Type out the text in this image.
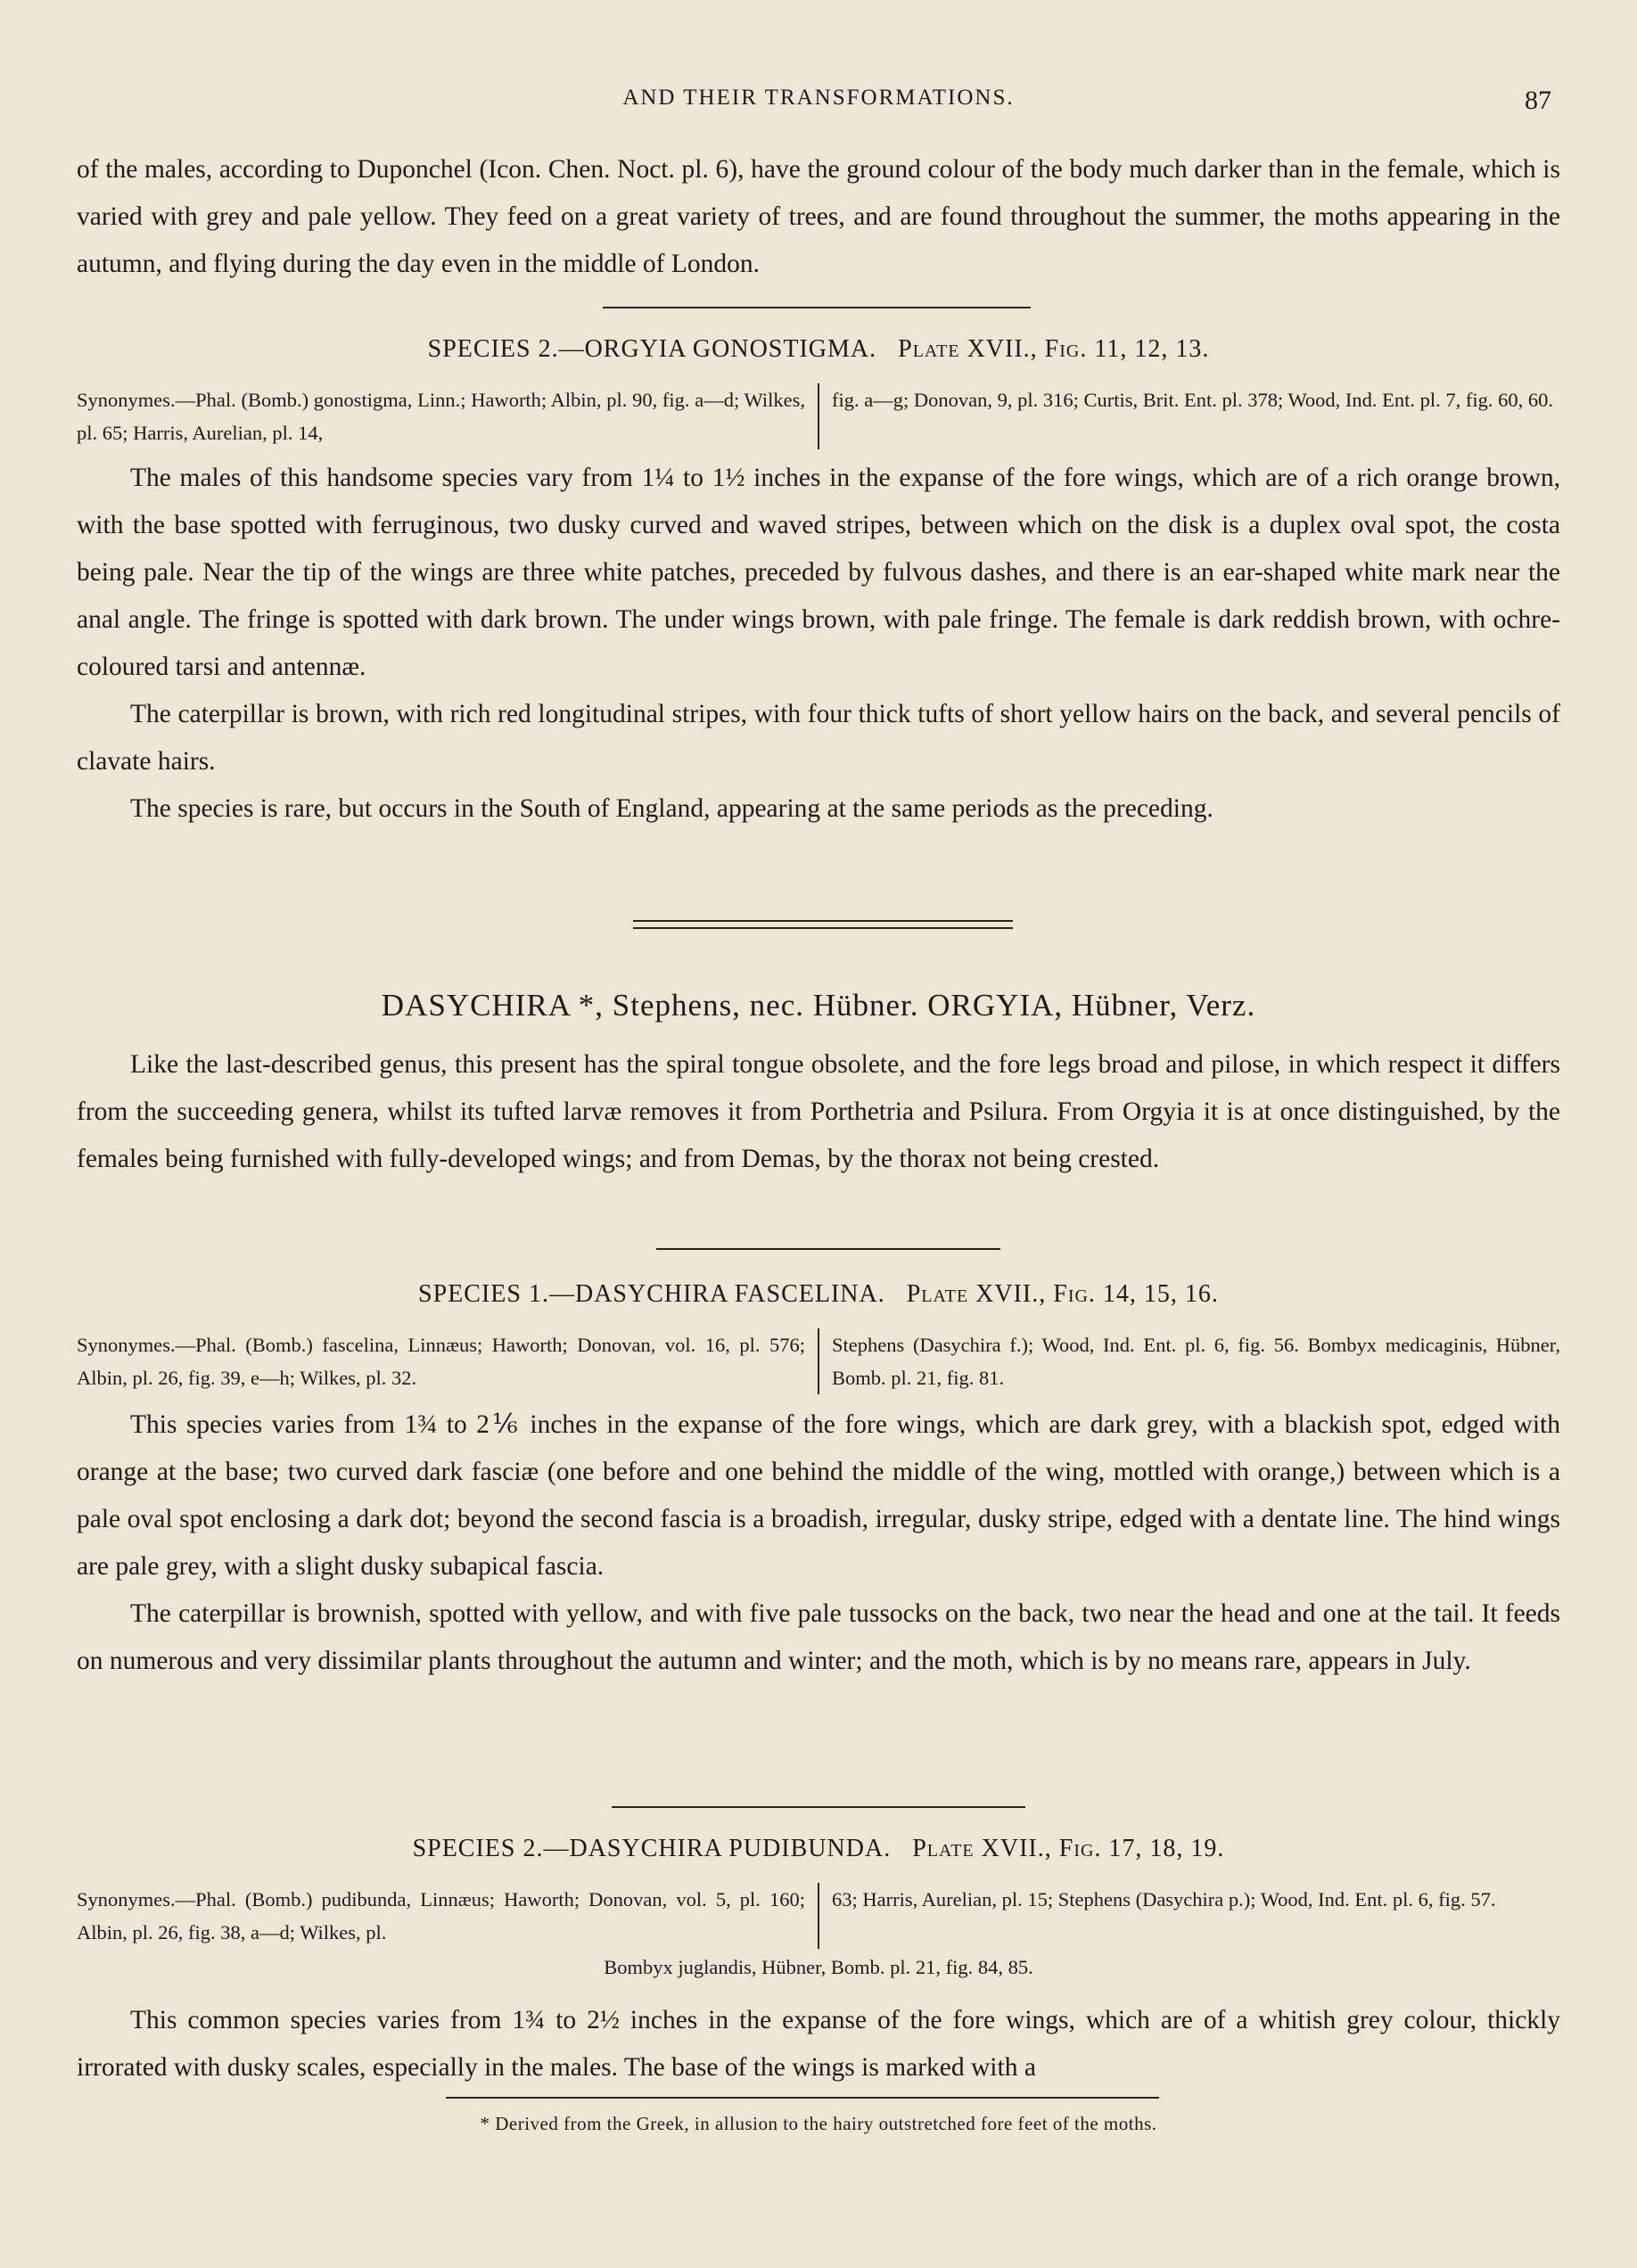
AND THEIR TRANSFORMATIONS.	87

of the males, according to Duponchel (Icon. Chen. Noct. pl. 6), have the ground colour of the body much darker than in the female, which is varied with grey and pale yellow. They feed on a great variety of trees, and are found throughout the summer, the moths appearing in the autumn, and flying during the day even in the middle of London.

SPECIES 2.—ORGYIA GONOSTIGMA. Plate XVII., Fig. 11, 12, 13.
Synonymes.—Phal. (Bomb.) gonostigma, Linn.; Haworth; Albin, pl. 90, fig. a—d; Wilkes, pl. 65; Harris, Aurelian, pl. 14,
fig. a—g; Donovan, 9, pl. 316; Curtis, Brit. Ent. pl. 378; Wood, Ind. Ent. pl. 7, fig. 60, 60.

The males of this handsome species vary from 1¼ to 1½ inches in the expanse of the fore wings, which are of a rich orange brown, with the base spotted with ferruginous, two dusky curved and waved stripes, between which on the disk is a duplex oval spot, the costa being pale. Near the tip of the wings are three white patches, preceded by fulvous dashes, and there is an ear-shaped white mark near the anal angle. The fringe is spotted with dark brown. The under wings brown, with pale fringe. The female is dark reddish brown, with ochre-coloured tarsi and antennæ.

The caterpillar is brown, with rich red longitudinal stripes, with four thick tufts of short yellow hairs on the back, and several pencils of clavate hairs.

The species is rare, but occurs in the South of England, appearing at the same periods as the preceding.

DASYCHIRA *, Stephens, nec. Hübner. ORGYIA, Hübner, Verz.

Like the last-described genus, this present has the spiral tongue obsolete, and the fore legs broad and pilose, in which respect it differs from the succeeding genera, whilst its tufted larvæ removes it from Porthetria and Psilura. From Orgyia it is at once distinguished, by the females being furnished with fully-developed wings; and from Demas, by the thorax not being crested.

SPECIES 1.—DASYCHIRA FASCELINA. Plate XVII., Fig. 14, 15, 16.
Synonymes.—Phal. (Bomb.) fascelina, Linnæus; Haworth; Donovan, vol. 16, pl. 576; Albin, pl. 26, fig. 39, e—h; Wilkes, pl. 32.
Stephens (Dasychira f.); Wood, Ind. Ent. pl. 6, fig. 56. Bombyx medicaginis, Hübner, Bomb. pl. 21, fig. 81.

This species varies from 1¾ to 2⅙ inches in the expanse of the fore wings, which are dark grey, with a blackish spot, edged with orange at the base; two curved dark fasciæ (one before and one behind the middle of the wing, mottled with orange,) between which is a pale oval spot enclosing a dark dot; beyond the second fascia is a broadish, irregular, dusky stripe, edged with a dentate line. The hind wings are pale grey, with a slight dusky subapical fascia.

The caterpillar is brownish, spotted with yellow, and with five pale tussocks on the back, two near the head and one at the tail. It feeds on numerous and very dissimilar plants throughout the autumn and winter; and the moth, which is by no means rare, appears in July.

SPECIES 2.—DASYCHIRA PUDIBUNDA. Plate XVII., Fig. 17, 18, 19.
Synonymes.—Phal. (Bomb.) pudibunda, Linnæus; Haworth; Donovan, vol. 5, pl. 160; Albin, pl. 26, fig. 38, a—d; Wilkes, pl.
63; Harris, Aurelian, pl. 15; Stephens (Dasychira p.); Wood, Ind. Ent. pl. 6, fig. 57.
Bombyx juglandis, Hübner, Bomb. pl. 21, fig. 84, 85.

This common species varies from 1¾ to 2½ inches in the expanse of the fore wings, which are of a whitish grey colour, thickly irrorated with dusky scales, especially in the males. The base of the wings is marked with a

* Derived from the Greek, in allusion to the hairy outstretched fore feet of the moths.
